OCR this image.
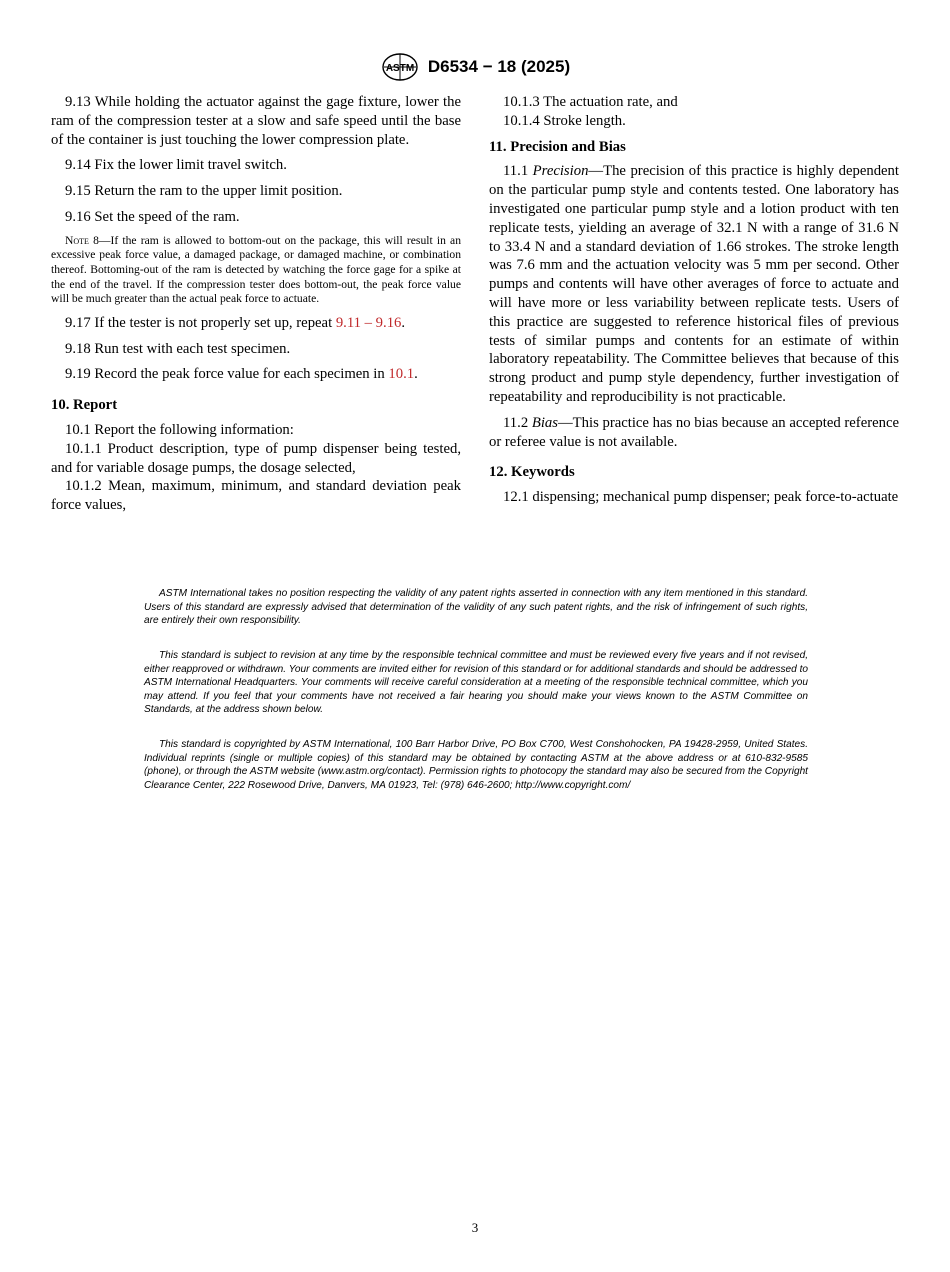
ASTM D6534 − 18 (2025)

9.13 While holding the actuator against the gage fixture, lower the ram of the compression tester at a slow and safe speed until the base of the container is just touching the lower compression plate.

9.14 Fix the lower limit travel switch.

9.15 Return the ram to the upper limit position.

9.16 Set the speed of the ram.

Note 8—If the ram is allowed to bottom-out on the package, this will result in an excessive peak force value, a damaged package, or damaged machine, or combination thereof. Bottoming-out of the ram is detected by watching the force gage for a spike at the end of the travel. If the compression tester does bottom-out, the peak force value will be much greater than the actual peak force to actuate.

9.17 If the tester is not properly set up, repeat 9.11 – 9.16.

9.18 Run test with each test specimen.

9.19 Record the peak force value for each specimen in 10.1.

10. Report

10.1 Report the following information:

10.1.1 Product description, type of pump dispenser being tested, and for variable dosage pumps, the dosage selected,

10.1.2 Mean, maximum, minimum, and standard deviation peak force values,

10.1.3 The actuation rate, and

10.1.4 Stroke length.

11. Precision and Bias

11.1 Precision—The precision of this practice is highly dependent on the particular pump style and contents tested. One laboratory has investigated one particular pump style and a lotion product with ten replicate tests, yielding an average of 32.1 N with a range of 31.6 N to 33.4 N and a standard deviation of 1.66 strokes. The stroke length was 7.6 mm and the actuation velocity was 5 mm per second. Other pumps and contents will have other averages of force to actuate and will have more or less variability between replicate tests. Users of this practice are suggested to reference historical files of previous tests of similar pumps and contents for an estimate of within laboratory repeatability. The Committee believes that because of this strong product and pump style dependency, further investigation of repeatability and reproducibility is not practicable.

11.2 Bias—This practice has no bias because an accepted reference or referee value is not available.

12. Keywords

12.1 dispensing; mechanical pump dispenser; peak force-to-actuate

ASTM International takes no position respecting the validity of any patent rights asserted in connection with any item mentioned in this standard. Users of this standard are expressly advised that determination of the validity of any such patent rights, and the risk of infringement of such rights, are entirely their own responsibility.

This standard is subject to revision at any time by the responsible technical committee and must be reviewed every five years and if not revised, either reapproved or withdrawn. Your comments are invited either for revision of this standard or for additional standards and should be addressed to ASTM International Headquarters. Your comments will receive careful consideration at a meeting of the responsible technical committee, which you may attend. If you feel that your comments have not received a fair hearing you should make your views known to the ASTM Committee on Standards, at the address shown below.

This standard is copyrighted by ASTM International, 100 Barr Harbor Drive, PO Box C700, West Conshohocken, PA 19428-2959, United States. Individual reprints (single or multiple copies) of this standard may be obtained by contacting ASTM at the above address or at 610-832-9585 (phone), or through the ASTM website (www.astm.org/contact). Permission rights to photocopy the standard may also be secured from the Copyright Clearance Center, 222 Rosewood Drive, Danvers, MA 01923, Tel: (978) 646-2600; http://www.copyright.com/

3
